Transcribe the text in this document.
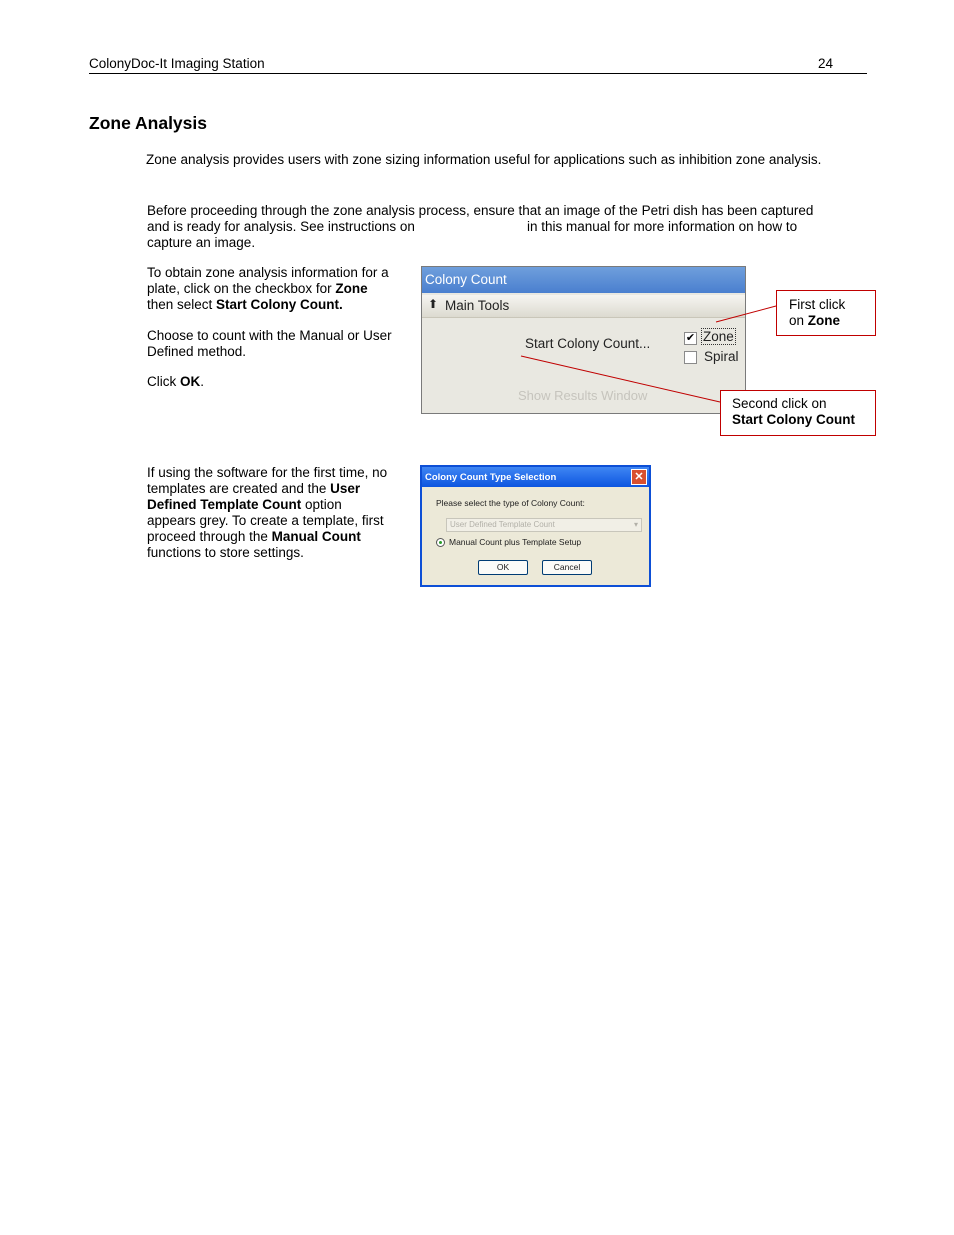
ColonyDoc-It Imaging Station	24
Zone Analysis
Zone analysis provides users with zone sizing information useful for applications such as inhibition zone analysis.
Before proceeding through the zone analysis process, ensure that an image of the Petri dish has been captured
and is ready for analysis. See instructions on	in this manual for more information on how to
capture an image.
To obtain zone analysis information for a
plate, click on the checkbox for Zone
then select Start Colony Count.
Choose to count with the Manual or User
Defined method.
Click OK.
Colony Count
⬆ Main Tools
Start Colony Count...	✔ Zone
Spiral
Show Results Window
First click
on Zone
Second click on
Start Colony Count
If using the software for the first time, no
templates are created and the User
Defined Template Count option
appears grey. To create a template, first
proceed through the Manual Count
functions to store settings.
Colony Count Type Selection	✕
Please select the type of Colony Count:
User Defined Template Count	▾
Manual Count plus Template Setup
OK	Cancel
